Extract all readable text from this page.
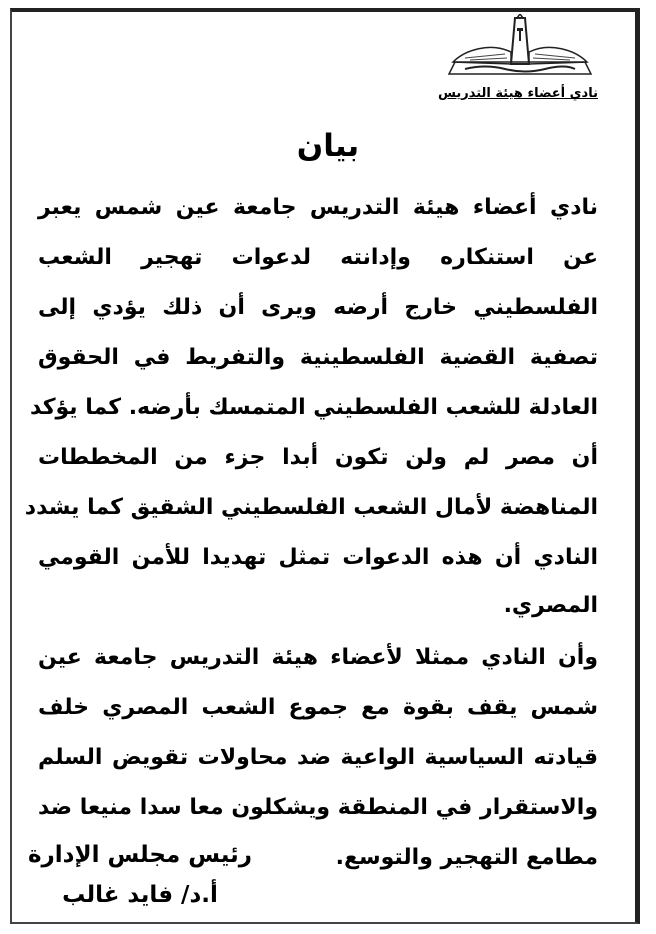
نادي أعضاء هيئة التدريس
بيان
نادي أعضاء هيئة التدريس جامعة عين شمس يعبر
عن استنكاره وإدانته لدعوات تهجير الشعب
الفلسطيني خارج أرضه ويرى أن ذلك يؤدي إلى
تصفية القضية الفلسطينية والتفريط في الحقوق
العادلة للشعب الفلسطيني المتمسك بأرضه. كما يؤكد
أن مصر لم ولن تكون أبدا جزء من المخططات
المناهضة لأمال الشعب الفلسطيني الشقيق كما يشدد
النادي أن هذه الدعوات تمثل تهديدا للأمن القومي
المصري.
وأن النادي ممثلا لأعضاء هيئة التدريس جامعة عين
شمس يقف بقوة مع جموع الشعب المصري خلف
قيادته السياسية الواعية ضد محاولات تقويض السلم
والاستقرار في المنطقة ويشكلون معا سدا منيعا ضد
مطامع التهجير والتوسع.
رئيس مجلس الإدارة
أ.د/ فايد غالب
